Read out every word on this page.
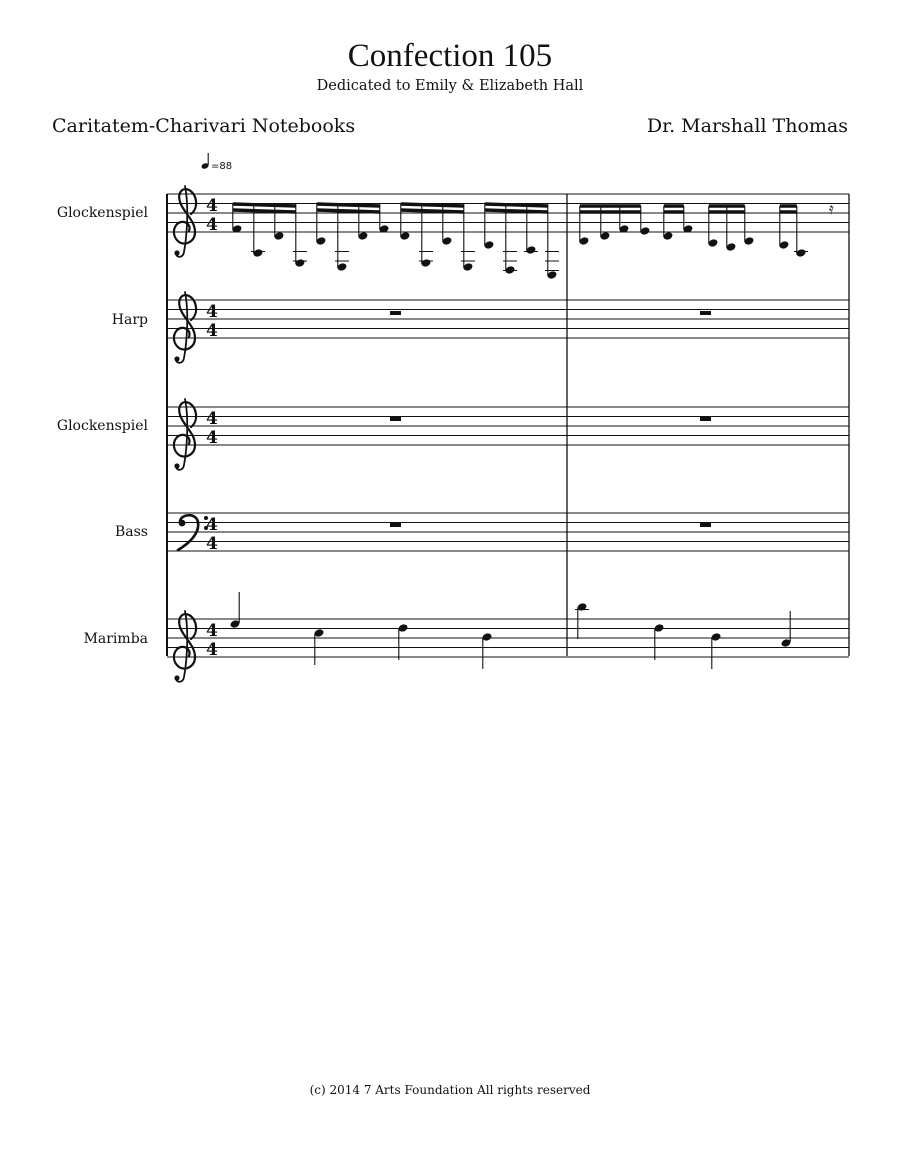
Confection 105
Dedicated to Emily & Elizabeth Hall
Caritatem-Charivari Notebooks	Dr. Marshall Thomas
Glockenspiel
Harp
Glockenspiel
Bass
Marimba
(c) 2014 7 Arts Foundation All rights reserved
=88
4
4
4
4
4
4
4
4
4
4
𝄿
